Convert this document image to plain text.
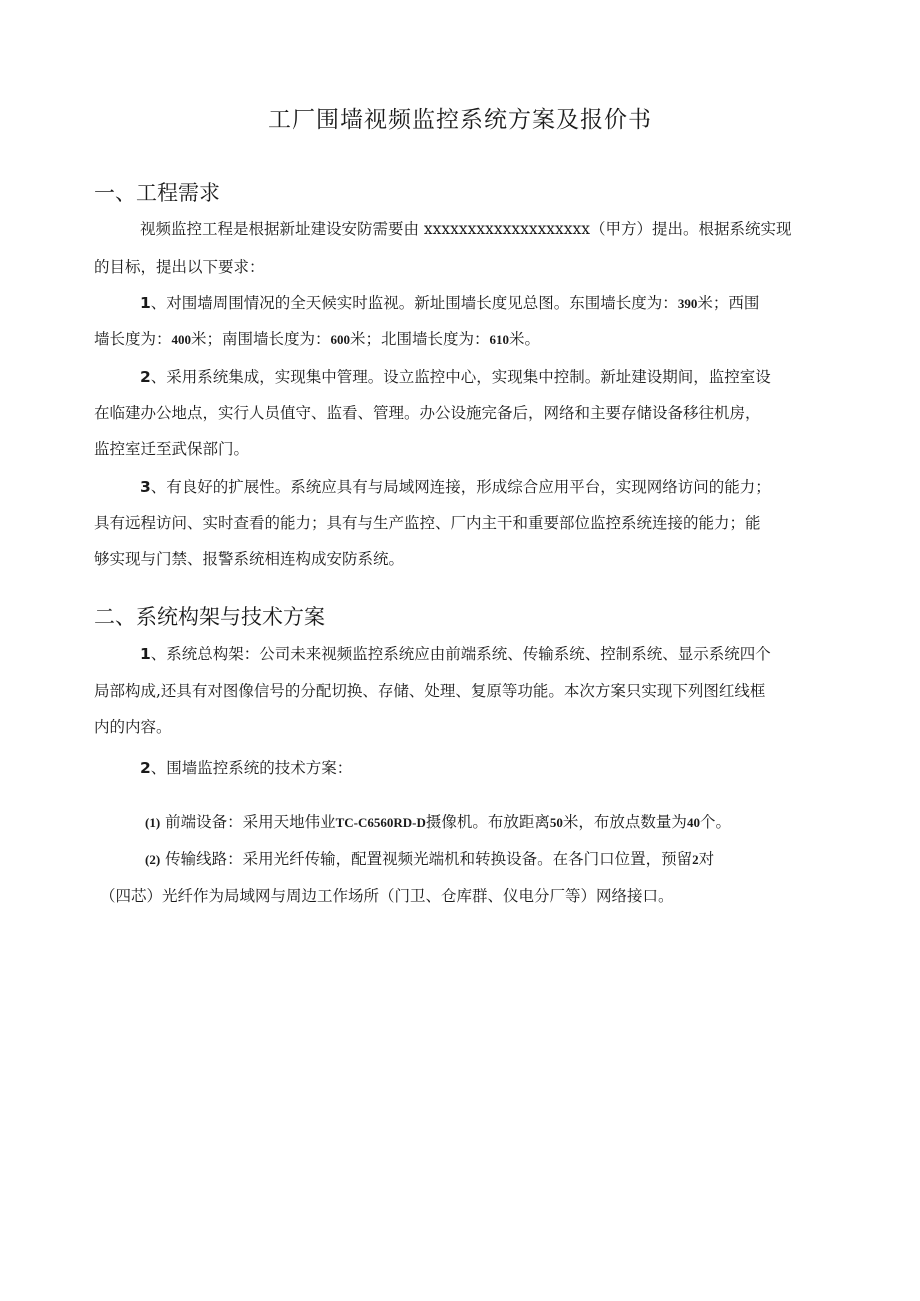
工厂围墙视频监控系统方案及报价书
一、工程需求
视频监控工程是根据新址建设安防需要由 xxxxxxxxxxxxxxxxxxx（甲方）提出。根据系统实现
的目标，提出以下要求：
1、对围墙周围情况的全天候实时监视。新址围墙长度见总图。东围墙长度为：390米；西围
墙长度为：400米；南围墙长度为：600米；北围墙长度为：610米。
2、采用系统集成，实现集中管理。设立监控中心，实现集中控制。新址建设期间，监控室设
在临建办公地点，实行人员值守、监看、管理。办公设施完备后，网络和主要存储设备移往机房，
监控室迁至武保部门。
3、有良好的扩展性。系统应具有与局域网连接，形成综合应用平台，实现网络访问的能力；
具有远程访问、实时查看的能力；具有与生产监控、厂内主干和重要部位监控系统连接的能力；能
够实现与门禁、报警系统相连构成安防系统。
二、系统构架与技术方案
1、系统总构架：公司未来视频监控系统应由前端系统、传输系统、控制系统、显示系统四个
局部构成,还具有对图像信号的分配切换、存储、处理、复原等功能。本次方案只实现下列图红线框
内的内容。
2、围墙监控系统的技术方案：
(1) 前端设备：采用天地伟业TC-C6560RD-D摄像机。布放距离50米，布放点数量为40个。
(2) 传输线路：采用光纤传输，配置视频光端机和转换设备。在各门口位置，预留2对
（四芯）光纤作为局域网与周边工作场所（门卫、仓库群、仪电分厂等）网络接口。
